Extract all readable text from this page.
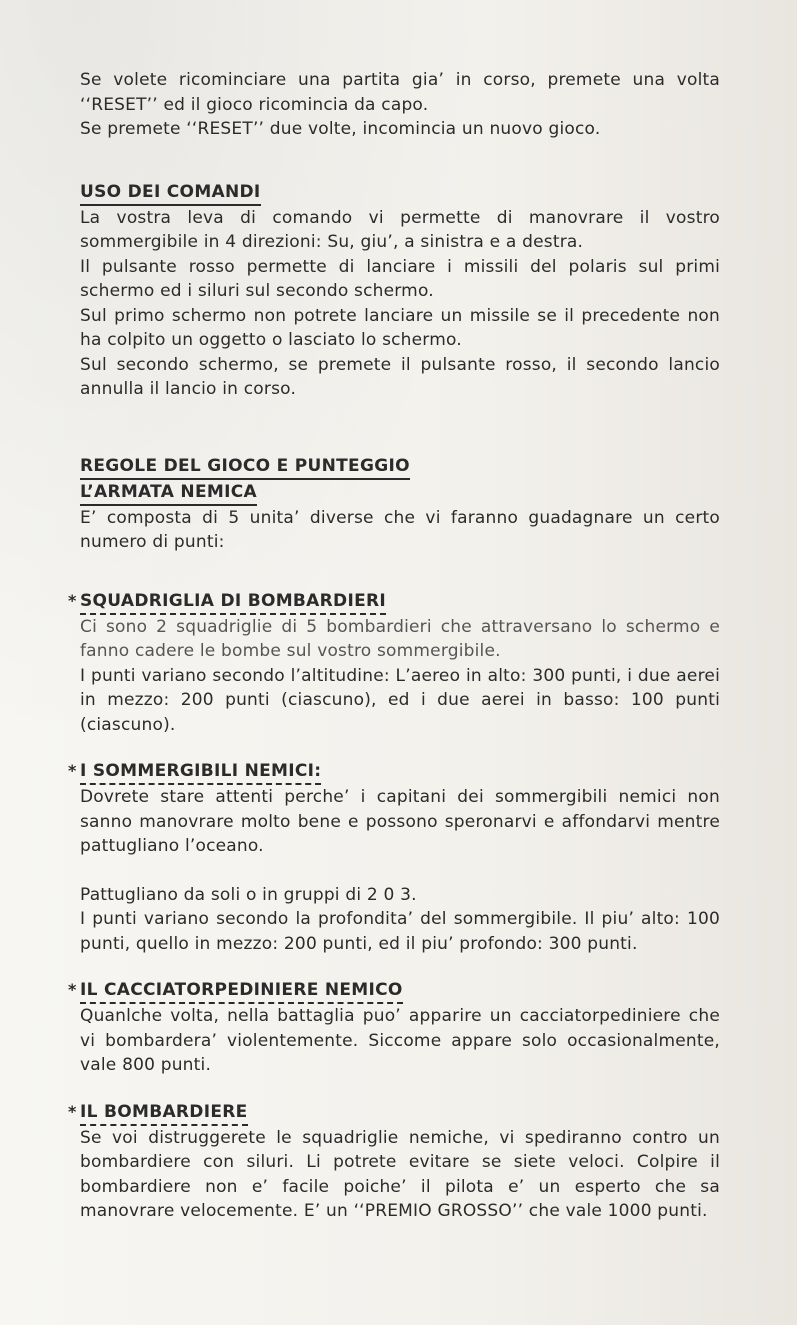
Se volete ricominciare una partita gia’ in corso, premete una volta ‘‘RESET’’ ed il gioco ricomincia da capo.

Se premete ‘‘RESET’’ due volte, incomincia un nuovo gioco.

USO DEI COMANDI

La vostra leva di comando vi permette di manovrare il vostro sommergibile in 4 direzioni: Su, giu’, a sinistra e a destra.

Il pulsante rosso permette di lanciare i missili del polaris sul primi schermo ed i siluri sul secondo schermo.

Sul primo schermo non potrete lanciare un missile se il precedente non ha colpito un oggetto o lasciato lo schermo.

Sul secondo schermo, se premete il pulsante rosso, il secondo lancio annulla il lancio in corso.

REGOLE DEL GIOCO E PUNTEGGIO
L’ARMATA NEMICA

E’ composta di 5 unita’ diverse che vi faranno guadagnare un certo numero di punti:

* SQUADRIGLIA DI BOMBARDIERI

Ci sono 2 squadriglie di 5 bombardieri che attraversano lo schermo e fanno cadere le bombe sul vostro sommergibile.

I punti variano secondo l’altitudine: L’aereo in alto: 300 punti, i due aerei in mezzo: 200 punti (ciascuno), ed i due aerei in basso: 100 punti (ciascuno).

* I SOMMERGIBILI NEMICI:

Dovrete stare attenti perche’ i capitani dei sommergibili nemici non sanno manovrare molto bene e possono speronarvi e affondarvi mentre pattugliano l’oceano.

Pattugliano da soli o in gruppi di 2 0 3.

I punti variano secondo la profondita’ del sommergibile. Il piu’ alto: 100 punti, quello in mezzo: 200 punti, ed il piu’ profondo: 300 punti.

* IL CACCIATORPEDINIERE NEMICO

Quanlche volta, nella battaglia puo’ apparire un cacciatorpediniere che vi bombardera’ violentemente. Siccome appare solo occasionalmente, vale 800 punti.

* IL BOMBARDIERE

Se voi distruggerete le squadriglie nemiche, vi spediranno contro un bombardiere con siluri. Li potrete evitare se siete veloci. Colpire il bombardiere non e’ facile poiche’ il pilota e’ un esperto che sa manovrare velocemente. E’ un ‘‘PREMIO GROSSO’’ che vale 1000 punti.
